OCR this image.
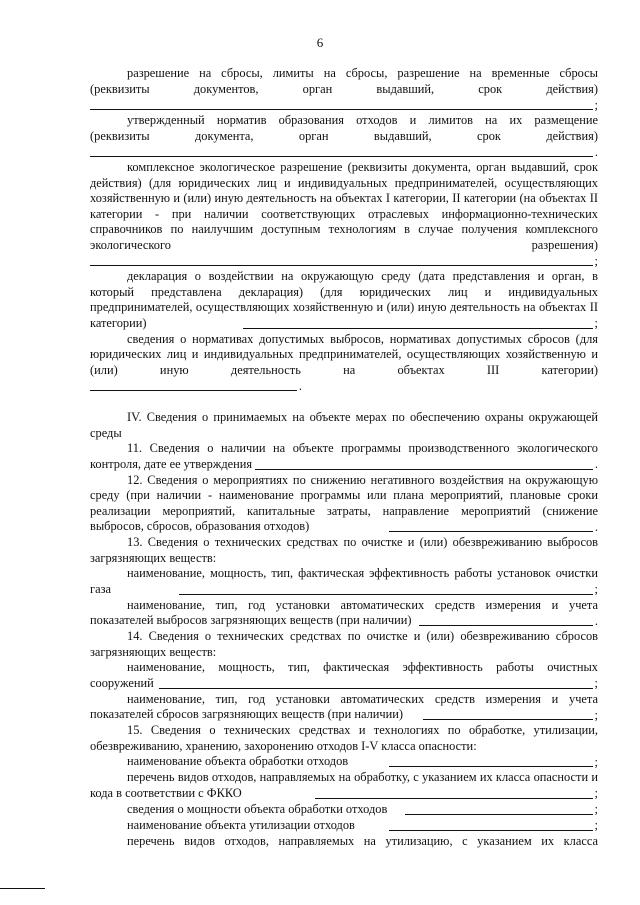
6

разрешение на сбросы, лимиты на сбросы, разрешение на временные сбросы

(реквизиты документов, орган выдавший, срок действия)

;

утвержденный норматив образования отходов и лимитов на их размещение

(реквизиты документа, орган выдавший, срок действия)

.

комплексное экологическое разрешение (реквизиты документа, орган выдавший, срок действия) (для юридических лиц и индивидуальных предпринимателей, осуществляющих хозяйственную и (или) иную деятельность на объектах I категории, II категории (на объектах II категории - при наличии соответствующих отраслевых информационно-технических справочников по наилучшим доступным технологиям в случае получения комплексного экологического разрешения)

;

декларация о воздействии на окружающую среду (дата представления и орган, в который представлена декларация) (для юридических лиц и индивидуальных предпринимателей, осуществляющих хозяйственную и (или) иную деятельность на объектах II категории)	;

сведения о нормативах допустимых выбросов, нормативах допустимых сбросов (для юридических лиц и индивидуальных предпринимателей, осуществляющих хозяйственную и (или) иную деятельность на объектах III категории)

.

IV. Сведения о принимаемых на объекте мерах по обеспечению охраны окружающей среды

11. Сведения о наличии на объекте программы производственного экологического контроля, дате ее утверждения	.

12. Сведения о мероприятиях по снижению негативного воздействия на окружающую среду (при наличии - наименование программы или плана мероприятий, плановые сроки реализации мероприятий, капитальные затраты, направление мероприятий (снижение выбросов, сбросов, образования отходов)	.

13. Сведения о технических средствах по очистке и (или) обезвреживанию выбросов загрязняющих веществ:

наименование, мощность, тип, фактическая эффективность работы установок очистки газа	;

наименование, тип, год установки автоматических средств измерения и учета показателей выбросов загрязняющих веществ (при наличии)	.

14. Сведения о технических средствах по очистке и (или) обезвреживанию сбросов загрязняющих веществ:

наименование, мощность, тип, фактическая эффективность работы очистных сооружений	;

наименование, тип, год установки автоматических средств измерения и учета показателей сбросов загрязняющих веществ (при наличии)	;

15. Сведения о технических средствах и технологиях по обработке, утилизации, обезвреживанию, хранению, захоронению отходов I-V класса опасности:

наименование объекта обработки отходов	;

перечень видов отходов, направляемых на обработку, с указанием их класса опасности и кода в соответствии с ФККО	;

сведения о мощности объекта обработки отходов	;

наименование объекта утилизации отходов	;

перечень видов отходов, направляемых на утилизацию, с указанием их класса
